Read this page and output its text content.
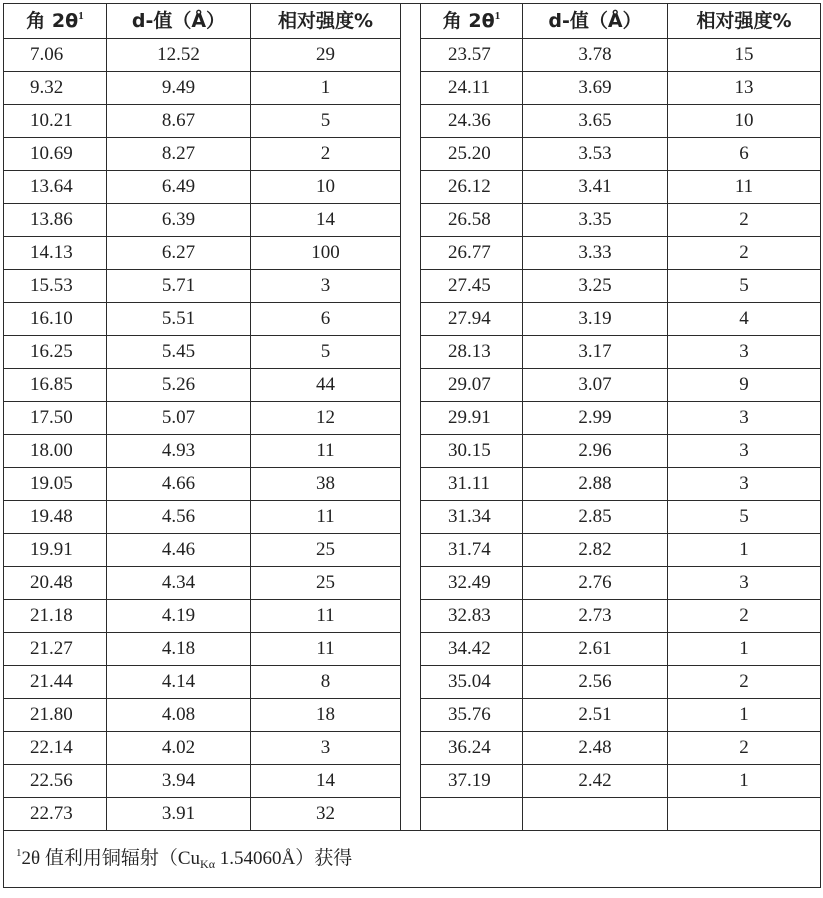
角 $2\theta^1$	d-值（Å）	相对强度%		角 $2\theta^1$	d-值（Å）	相对强度%
7.06	12.52	29		23.57	3.78	15
9.32	9.49	1		24.11	3.69	13
10.21	8.67	5		24.36	3.65	10
10.69	8.27	2		25.20	3.53	6
13.64	6.49	10		26.12	3.41	11
13.86	6.39	14		26.58	3.35	2
14.13	6.27	100		26.77	3.33	2
15.53	5.71	3		27.45	3.25	5
16.10	5.51	6		27.94	3.19	4
16.25	5.45	5		28.13	3.17	3
16.85	5.26	44		29.07	3.07	9
17.50	5.07	12		29.91	2.99	3
18.00	4.93	11		30.15	2.96	3
19.05	4.66	38		31.11	2.88	3
19.48	4.56	11		31.34	2.85	5
19.91	4.46	25		31.74	2.82	1
20.48	4.34	25		32.49	2.76	3
21.18	4.19	11		32.83	2.73	2
21.27	4.18	11		34.42	2.61	1
21.44	4.14	8		35.04	2.56	2
21.80	4.08	18		35.76	2.51	1
22.14	4.02	3		36.24	2.48	2
22.56	3.94	14		37.19	2.42	1
22.73	3.91	32				
$^1$2θ 值利用铜辐射（$Cu_{K\alpha}$ 1.54060Å）获得						
